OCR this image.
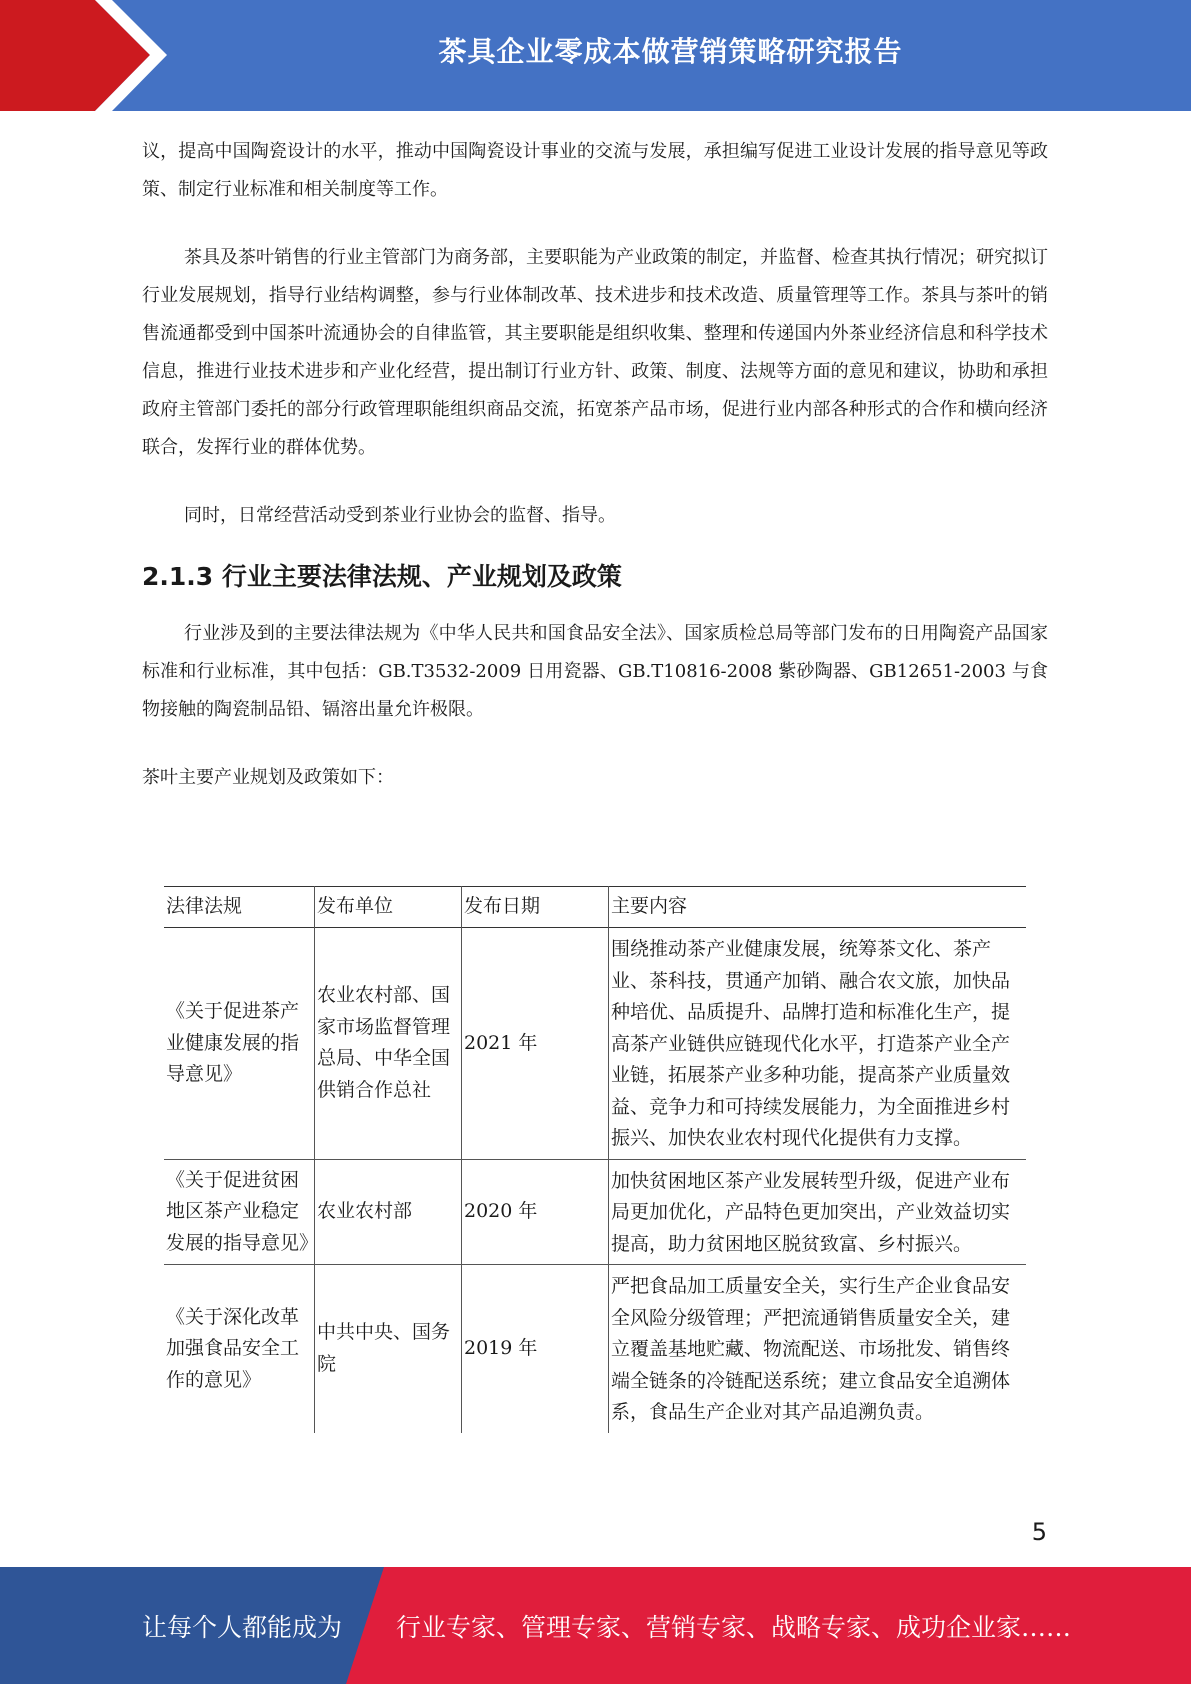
茶具企业零成本做营销策略研究报告

议，提高中国陶瓷设计的水平，推动中国陶瓷设计事业的交流与发展，承担编写促进工业设计发展的指导意见等政策、制定行业标准和相关制度等工作。

茶具及茶叶销售的行业主管部门为商务部，主要职能为产业政策的制定，并监督、检查其执行情况；研究拟订行业发展规划，指导行业结构调整，参与行业体制改革、技术进步和技术改造、质量管理等工作。茶具与茶叶的销售流通都受到中国茶叶流通协会的自律监管，其主要职能是组织收集、整理和传递国内外茶业经济信息和科学技术信息，推进行业技术进步和产业化经营，提出制订行业方针、政策、制度、法规等方面的意见和建议，协助和承担政府主管部门委托的部分行政管理职能组织商品交流，拓宽茶产品市场，促进行业内部各种形式的合作和横向经济联合，发挥行业的群体优势。

同时，日常经营活动受到茶业行业协会的监督、指导。

2.1.3 行业主要法律法规、产业规划及政策

行业涉及到的主要法律法规为《中华人民共和国食品安全法》、国家质检总局等部门发布的日用陶瓷产品国家标准和行业标准，其中包括：GB.T3532-2009 日用瓷器、GB.T10816-2008 紫砂陶器、GB12651-2003 与食物接触的陶瓷制品铅、镉溶出量允许极限。

茶叶主要产业规划及政策如下：

法律法规	发布单位	发布日期	主要内容
《关于促进茶产业健康发展的指导意见》	农业农村部、国家市场监督管理总局、中华全国供销合作总社	2021 年	围绕推动茶产业健康发展，统筹茶文化、茶产业、茶科技，贯通产加销、融合农文旅，加快品种培优、品质提升、品牌打造和标准化生产，提高茶产业链供应链现代化水平，打造茶产业全产业链，拓展茶产业多种功能，提高茶产业质量效益、竞争力和可持续发展能力，为全面推进乡村振兴、加快农业农村现代化提供有力支撑。
《关于促进贫困地区茶产业稳定发展的指导意见》	农业农村部	2020 年	加快贫困地区茶产业发展转型升级，促进产业布局更加优化，产品特色更加突出，产业效益切实提高，助力贫困地区脱贫致富、乡村振兴。
《关于深化改革加强食品安全工作的意见》	中共中央、国务院	2019 年	严把食品加工质量安全关，实行生产企业食品安全风险分级管理；严把流通销售质量安全关，建立覆盖基地贮藏、物流配送、市场批发、销售终端全链条的冷链配送系统；建立食品安全追溯体系，食品生产企业对其产品追溯负责。
5
让每个人都能成为 行业专家、管理专家、营销专家、战略专家、成功企业家……
